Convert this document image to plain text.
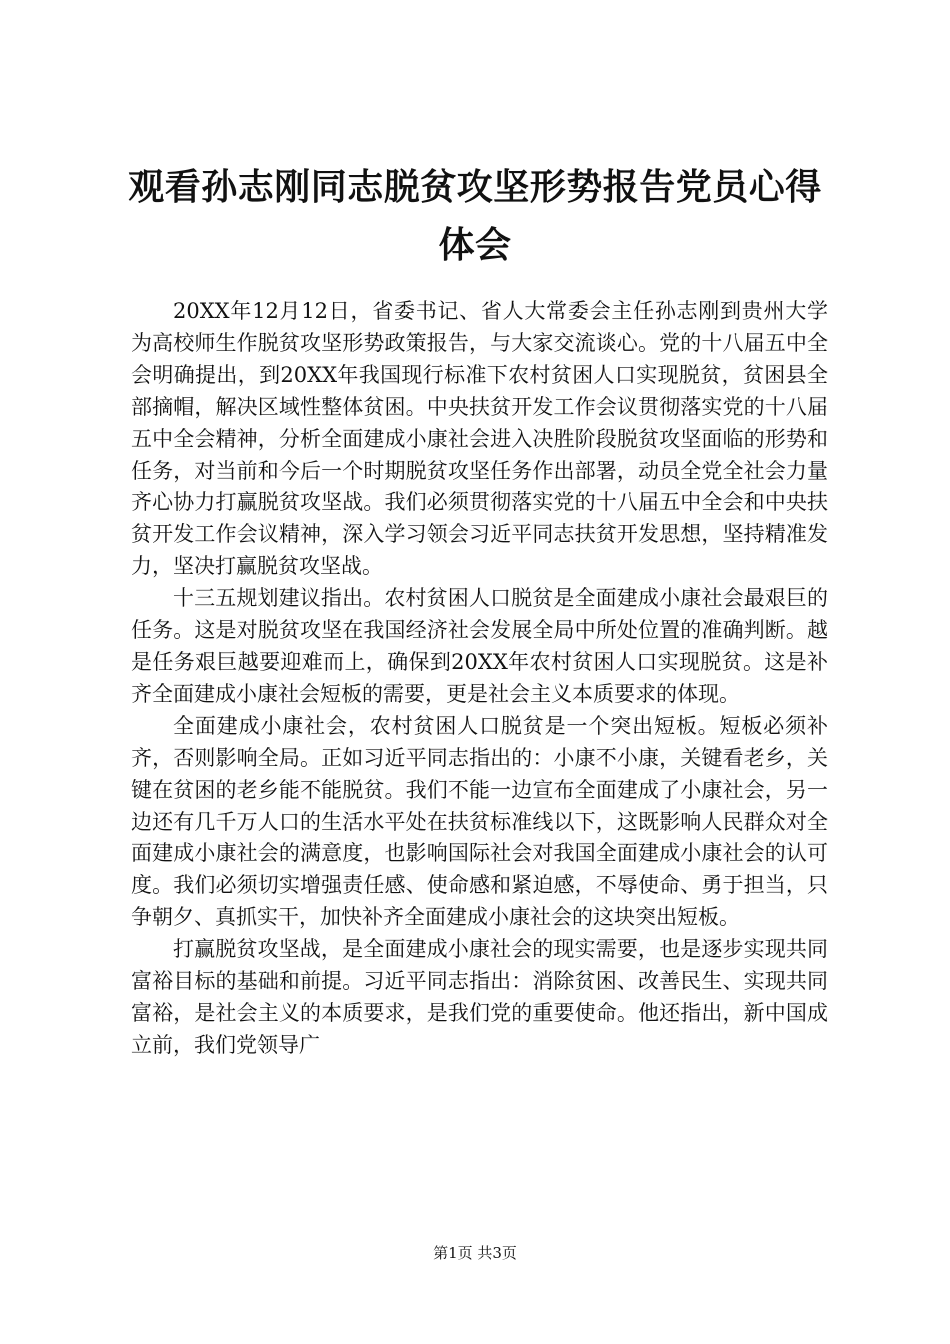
观看孙志刚同志脱贫攻坚形势报告党员心得体会

20XX年12月12日，省委书记、省人大常委会主任孙志刚到贵州大学为高校师生作脱贫攻坚形势政策报告，与大家交流谈心。党的十八届五中全会明确提出，到20XX年我国现行标准下农村贫困人口实现脱贫，贫困县全部摘帽，解决区域性整体贫困。中央扶贫开发工作会议贯彻落实党的十八届五中全会精神，分析全面建成小康社会进入决胜阶段脱贫攻坚面临的形势和任务，对当前和今后一个时期脱贫攻坚任务作出部署，动员全党全社会力量齐心协力打赢脱贫攻坚战。我们必须贯彻落实党的十八届五中全会和中央扶贫开发工作会议精神，深入学习领会习近平同志扶贫开发思想，坚持精准发力，坚决打赢脱贫攻坚战。

十三五规划建议指出。农村贫困人口脱贫是全面建成小康社会最艰巨的任务。这是对脱贫攻坚在我国经济社会发展全局中所处位置的准确判断。越是任务艰巨越要迎难而上，确保到20XX年农村贫困人口实现脱贫。这是补齐全面建成小康社会短板的需要，更是社会主义本质要求的体现。

全面建成小康社会，农村贫困人口脱贫是一个突出短板。短板必须补齐，否则影响全局。正如习近平同志指出的：小康不小康，关键看老乡，关键在贫困的老乡能不能脱贫。我们不能一边宣布全面建成了小康社会，另一边还有几千万人口的生活水平处在扶贫标准线以下，这既影响人民群众对全面建成小康社会的满意度，也影响国际社会对我国全面建成小康社会的认可度。我们必须切实增强责任感、使命感和紧迫感，不辱使命、勇于担当，只争朝夕、真抓实干，加快补齐全面建成小康社会的这块突出短板。

打赢脱贫攻坚战，是全面建成小康社会的现实需要，也是逐步实现共同富裕目标的基础和前提。习近平同志指出：消除贫困、改善民生、实现共同富裕，是社会主义的本质要求，是我们党的重要使命。他还指出，新中国成立前，我们党领导广

第1页 共3页
